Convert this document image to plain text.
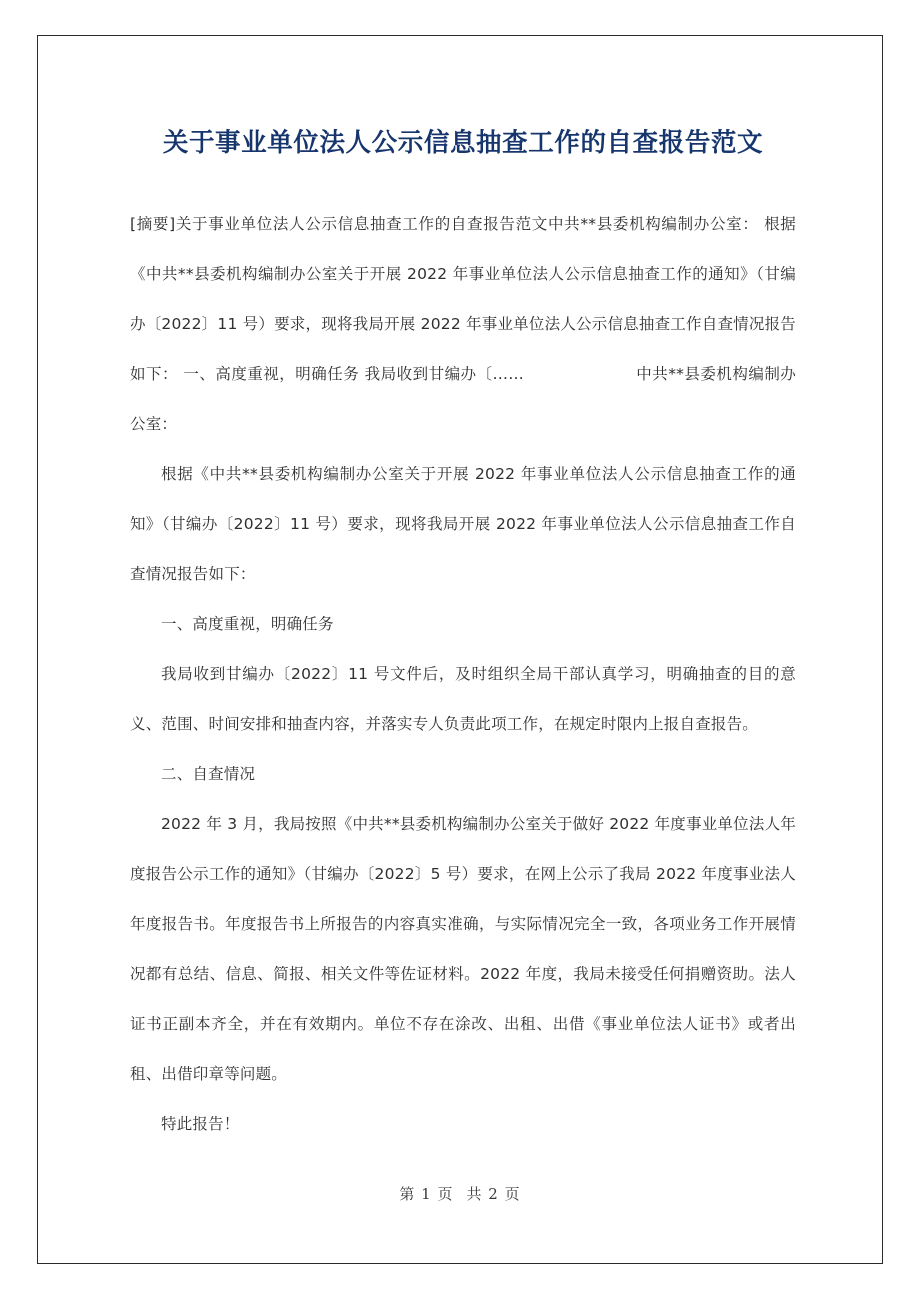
关于事业单位法人公示信息抽查工作的自查报告范文

[摘要]关于事业单位法人公示信息抽查工作的自查报告范文中共**县委机构编制办公室： 根据《中共**县委机构编制办公室关于开展 2022 年事业单位法人公示信息抽查工作的通知》（甘编办〔2022〕11 号）要求，现将我局开展 2022 年事业单位法人公示信息抽查工作自查情况报告如下： 一、高度重视，明确任务 我局收到甘编办〔……	中共**县委机构编制办公室：

根据《中共**县委机构编制办公室关于开展 2022 年事业单位法人公示信息抽查工作的通知》（甘编办〔2022〕11 号）要求，现将我局开展 2022 年事业单位法人公示信息抽查工作自查情况报告如下：

一、高度重视，明确任务

我局收到甘编办〔2022〕11 号文件后，及时组织全局干部认真学习，明确抽查的目的意义、范围、时间安排和抽查内容，并落实专人负责此项工作，在规定时限内上报自查报告。

二、自查情况

2022 年 3 月，我局按照《中共**县委机构编制办公室关于做好 2022 年度事业单位法人年度报告公示工作的通知》（甘编办〔2022〕5 号）要求，在网上公示了我局 2022 年度事业法人年度报告书。年度报告书上所报告的内容真实准确，与实际情况完全一致，各项业务工作开展情况都有总结、信息、简报、相关文件等佐证材料。2022 年度，我局未接受任何捐赠资助。法人证书正副本齐全，并在有效期内。单位不存在涂改、出租、出借《事业单位法人证书》或者出租、出借印章等问题。

特此报告！

第 1 页 共 2 页
